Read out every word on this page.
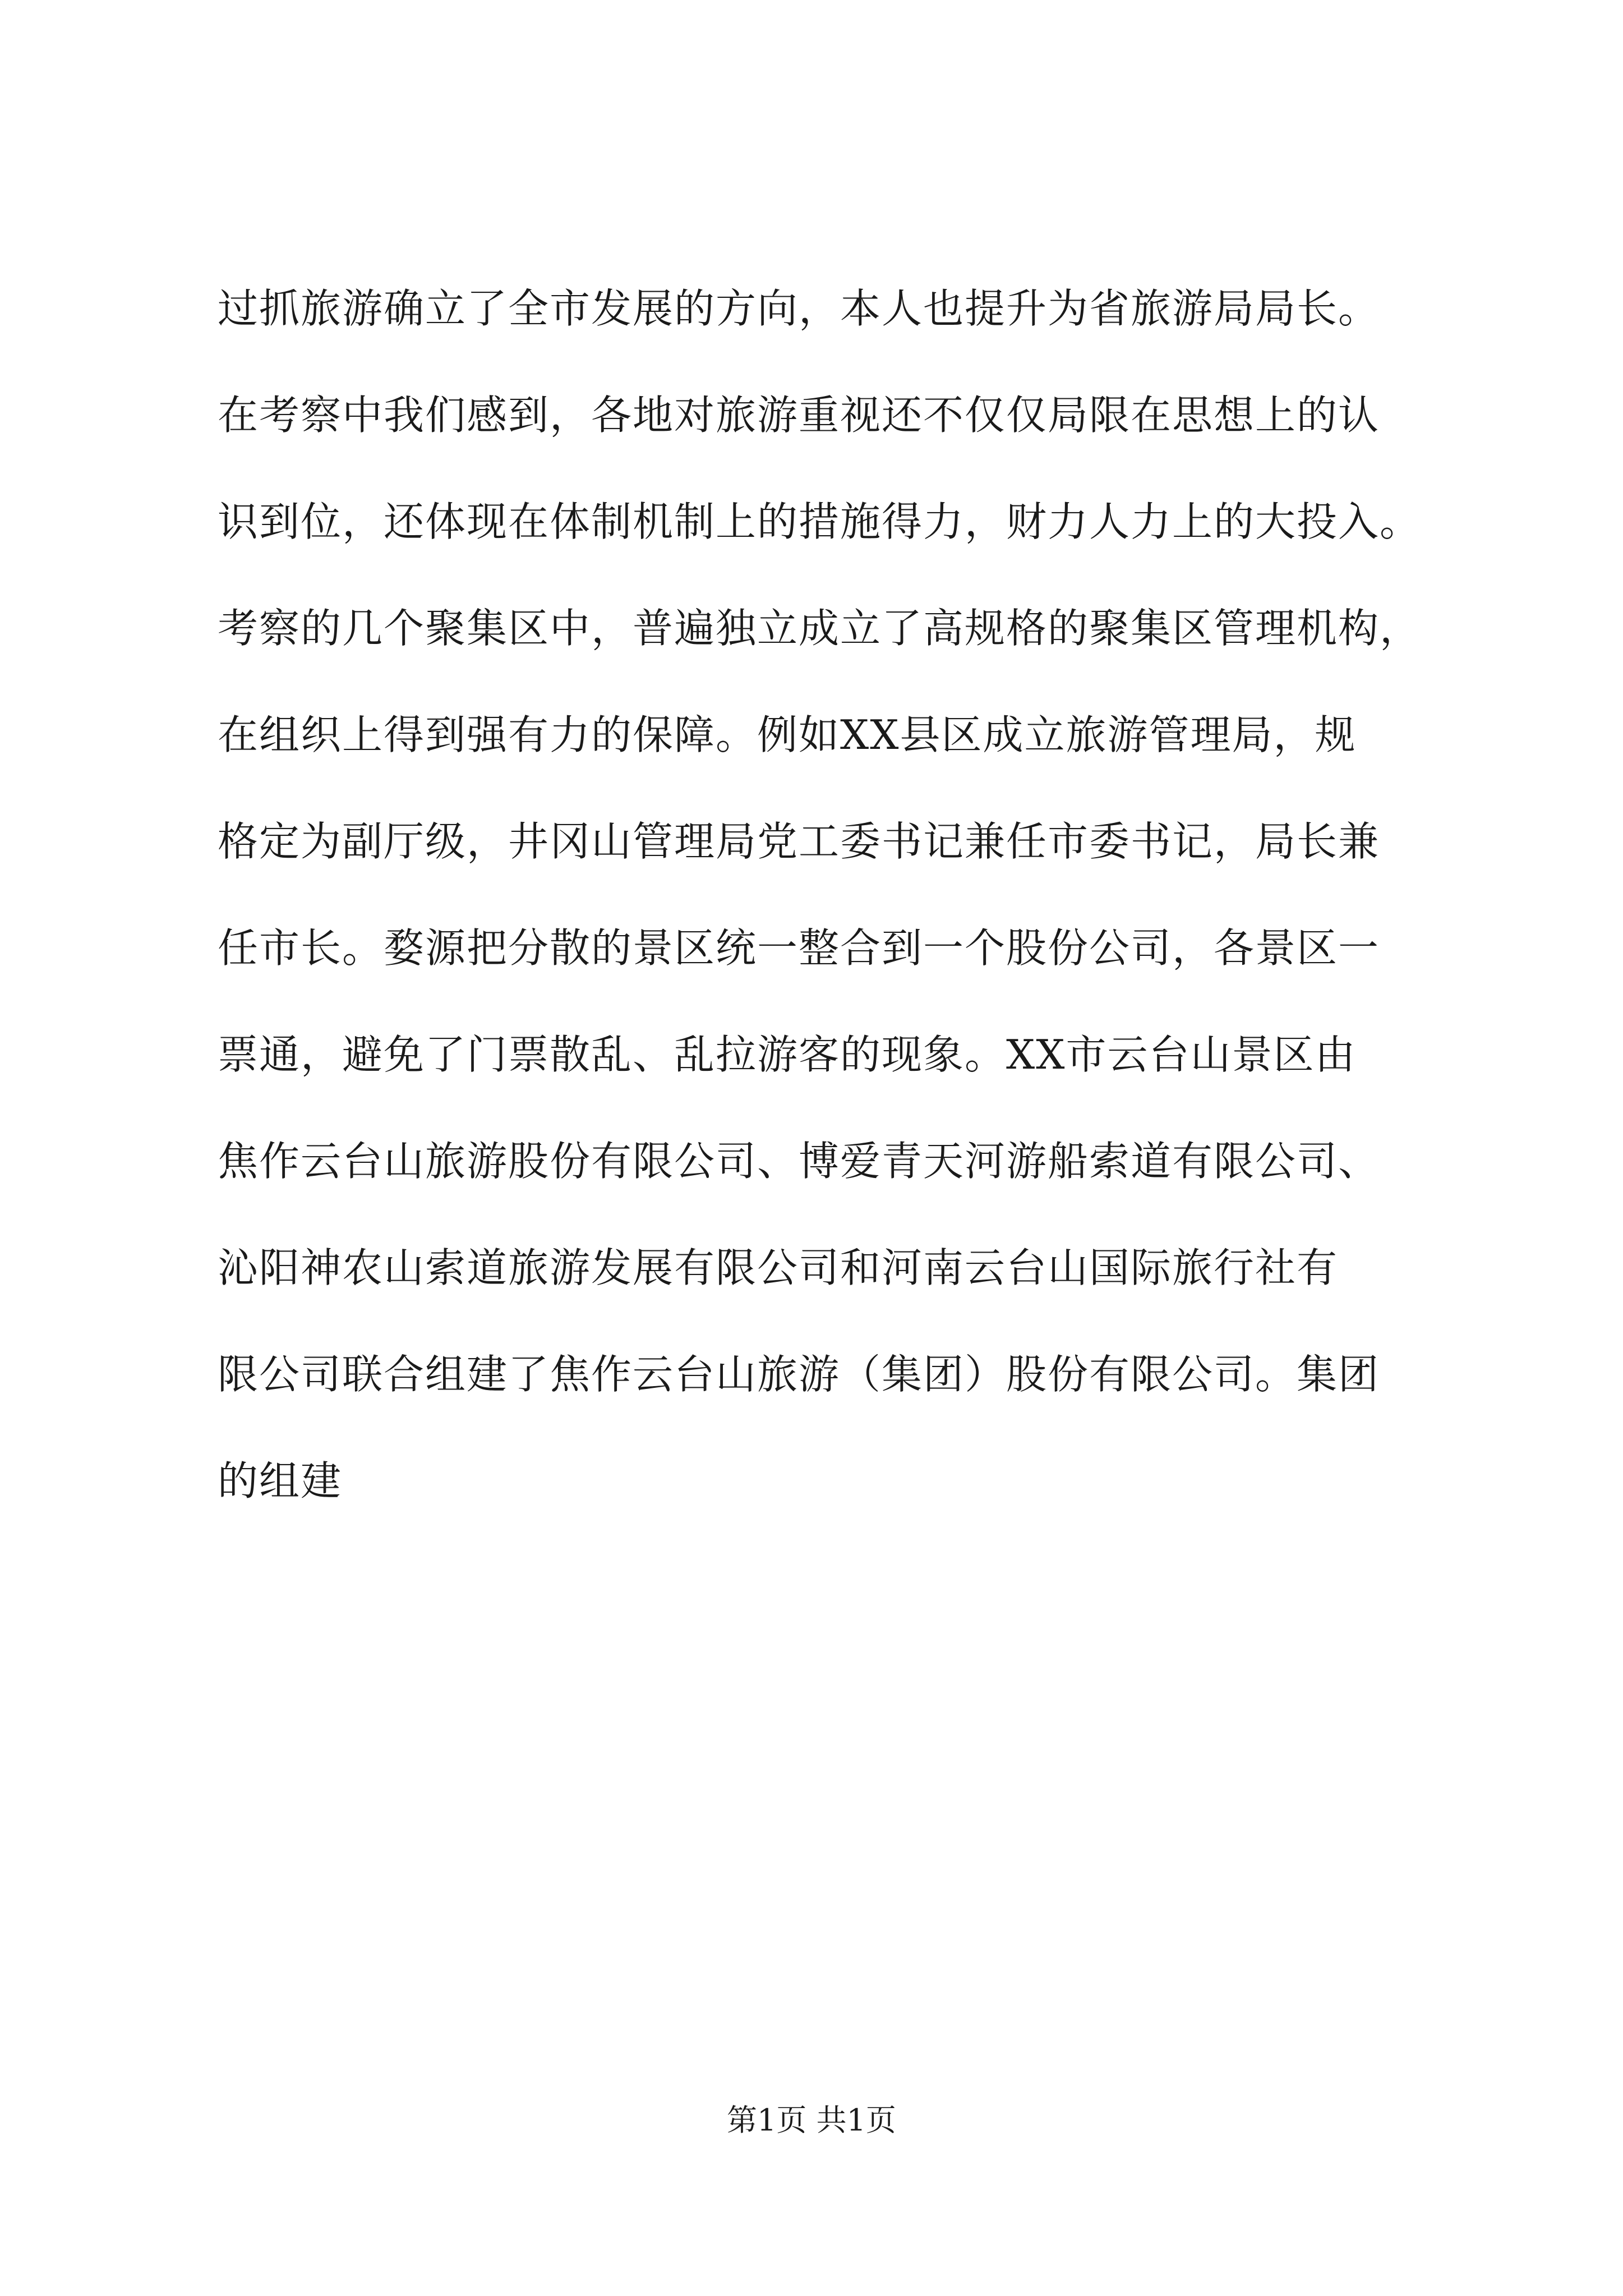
过抓旅游确立了全市发展的方向，本人也提升为省旅游局局长。
在考察中我们感到，各地对旅游重视还不仅仅局限在思想上的认
识到位，还体现在体制机制上的措施得力，财力人力上的大投入。
考察的几个聚集区中，普遍独立成立了高规格的聚集区管理机构，
在组织上得到强有力的保障。例如XX县区成立旅游管理局，规
格定为副厅级，井冈山管理局党工委书记兼任市委书记，局长兼
任市长。婺源把分散的景区统一整合到一个股份公司，各景区一
票通，避免了门票散乱、乱拉游客的现象。XX市云台山景区由
焦作云台山旅游股份有限公司、博爱青天河游船索道有限公司、
沁阳神农山索道旅游发展有限公司和河南云台山国际旅行社有
限公司联合组建了焦作云台山旅游（集团）股份有限公司。集团
的组建
第1页 共1页
